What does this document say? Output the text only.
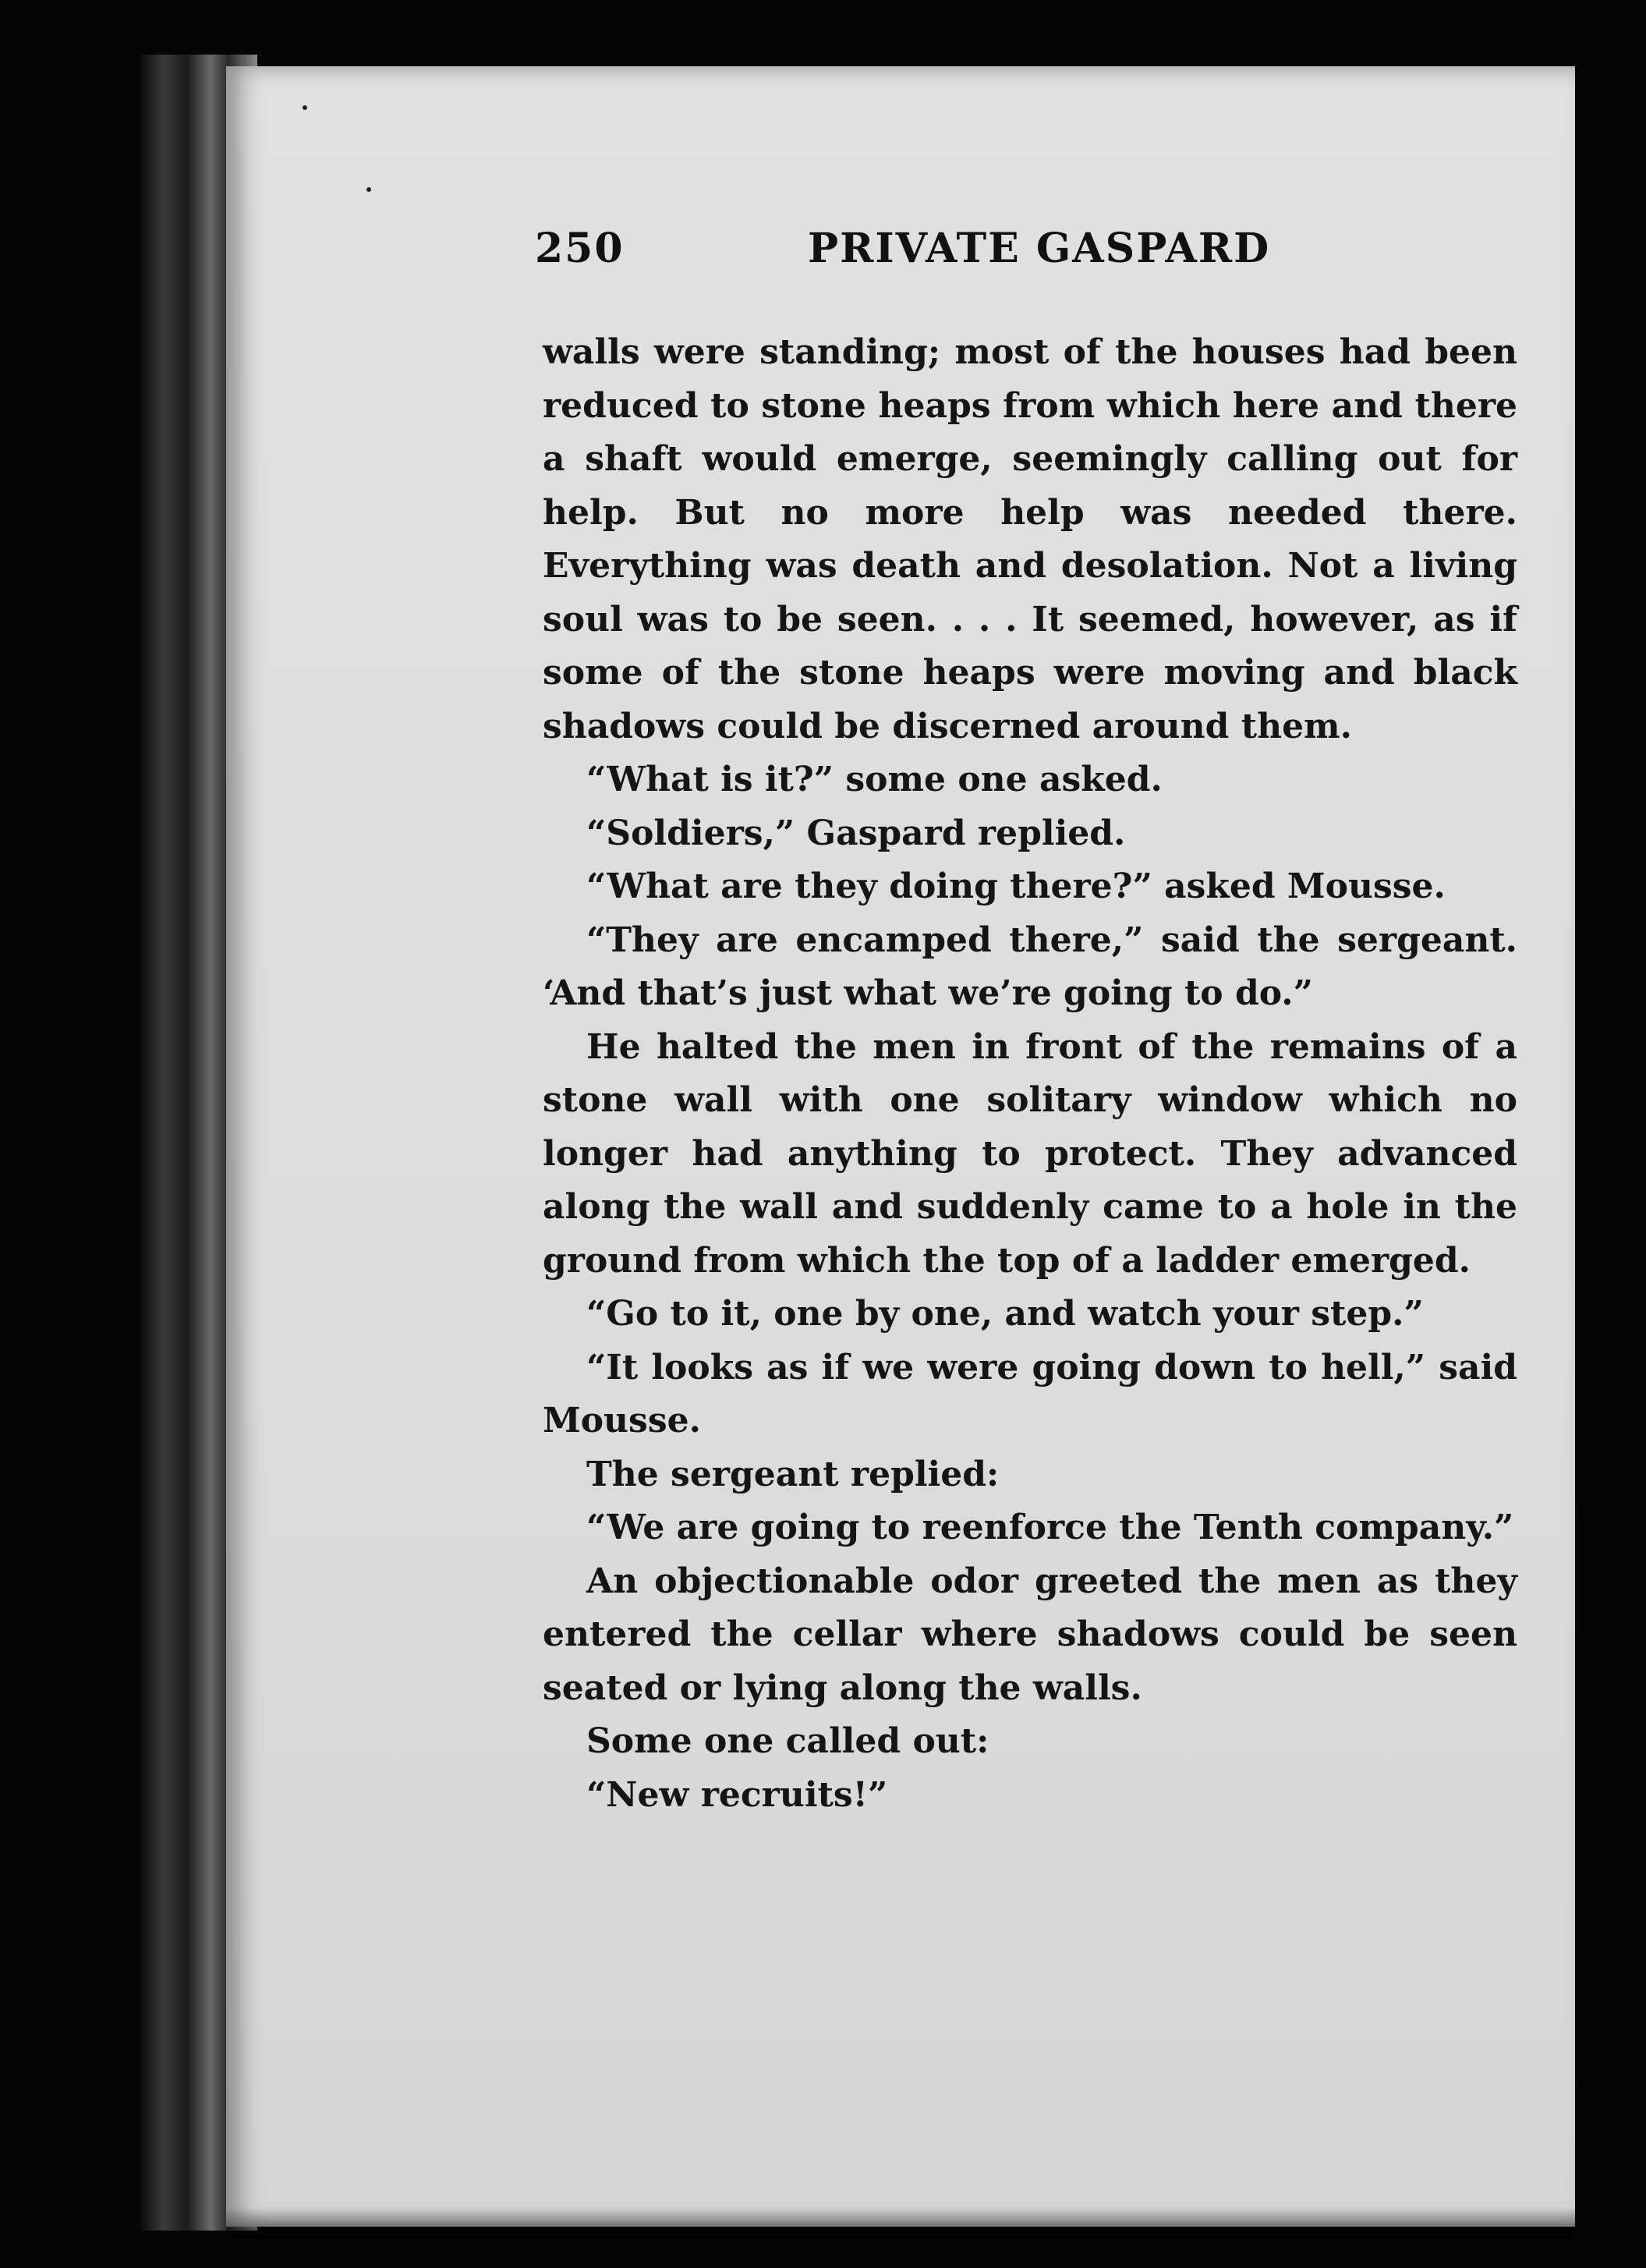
250	PRIVATE GASPARD

walls were standing; most of the houses had been reduced to stone heaps from which here and there a shaft would emerge, seemingly calling out for help. But no more help was needed there. Everything was death and desolation. Not a living soul was to be seen. . . . It seemed, however, as if some of the stone heaps were moving and black shadows could be discerned around them.

“What is it?” some one asked.

“Soldiers,” Gaspard replied.

“What are they doing there?” asked Mousse.

“They are encamped there,” said the sergeant. ‘And that’s just what we’re going to do.”

He halted the men in front of the remains of a stone wall with one solitary window which no longer had anything to protect. They advanced along the wall and suddenly came to a hole in the ground from which the top of a ladder emerged.

“Go to it, one by one, and watch your step.”

“It looks as if we were going down to hell,” said Mousse.

The sergeant replied:

“We are going to reenforce the Tenth company.”

An objectionable odor greeted the men as they entered the cellar where shadows could be seen seated or lying along the walls.

Some one called out:

“New recruits!”
